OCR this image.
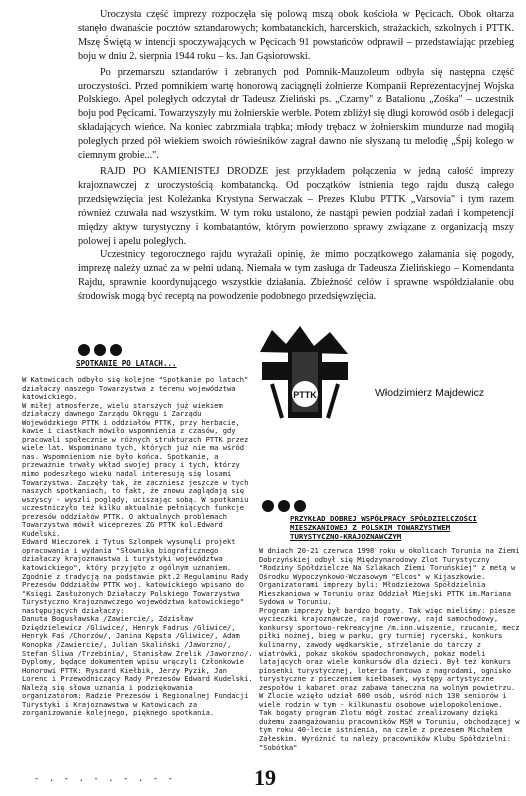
Uroczysta część imprezy rozpoczęła się polową mszą obok kościoła w Pęcicach. Obok ołtarza stanęło dwanaście pocztów sztandarowych; kombatanckich, harcerskich, strażackich, szkolnych i PTTK. Mszę Świętą w intencji spoczywających w Pęcicach 91 powstańców odprawił – przedstawiając przebieg boju w dniu 2. sierpnia 1944 roku – ks. Jan Gąsiorowski.

Po przemarszu sztandarów i zebranych pod Pomnik-Mauzoleum odbyła się następna część uroczystości. Przed pomnikiem wartę honorową zaciągnęli żołnierze Kompanii Reprezentacyjnej Wojska Polskiego. Apel poległych odczytał dr Tadeusz Zieliński ps. „Czarny" z Batalionu „Zośka" – uczestnik boju pod Pęcicami. Towarzyszyły mu żołnierskie werble. Potem zbliżył się długi korowód osób i delegacji składających wieńce. Na koniec zabrzmiała trąbka; młody trębacz w żołnierskim mundurze nad mogiłą poległych przed pół wiekiem swoich rówieśników zagrał dawno nie słyszaną tu melodię „Śpij kolego w ciemnym grobie...".

RAJD PO KAMIENISTEJ DRODZE jest przykładem połączenia w jedną całość imprezy krajoznawczej z uroczystością kombatancką. Od początków istnienia tego rajdu duszą całego przedsięwzięcia jest Koleżanka Krystyna Serwaczak – Prezes Klubu PTTK „Varsovia" i tym razem również czuwała nad wszystkim. W tym roku ustalono, że nastąpi pewien podział zadań i kompetencji między aktyw turystyczny i kombatantów, którym powierzono sprawy związane z organizacją mszy polowej i apelu poległych.

Uczestnicy tegorocznego rajdu wyrażali opinię, że mimo początkowego załamania się pogody, imprezę należy uznać za w pełni udaną. Niemała w tym zasługa dr Tadeusza Zielińskiego – Komendanta Rajdu, sprawnie koordynującego wszystkie działania. Zbieżność celów i sprawne współdziałanie obu środowisk mogą być receptą na powodzenie podobnego przedsięwzięcia.

Włodzimierz Majdewicz
PTTK
SPOTKANIE PO LATACH...
W Katowicach odbyło się kolejne "Spotkanie po latach" działaczy naszego Towarzystwa z terenu województwa katowickiego.
W miłej atmosferze, wielu starszych już wiekiem działaczy dawnego Zarządu Okręgu i Zarządu Wojewódzkiego PTTK i oddziałów PTTK, przy herbacie, kawie i ciastkach mówiło wspomnienia z czasów, gdy pracowali społecznie w różnych strukturach PTTK przez wiele lat. Wspominano tych, których już nie ma wśród nas. Wspomnieniom nie było końca. Spotkanie, a przeważnie trwały wkład swojej pracy i tych, którzy mimo podeszłego wieku nadal interesują się losami Towarzystwa. Zaczęły tak, że zaczniesz jeszcze w tych naszych spotkaniach, to fakt, że znowu zaglądają się wszyscy - wyszli poglądy, uciszając sobą. W spotkaniu uczestniczyło też kilku aktualnie pełniących funkcje prezesów oddziałów PTTK. O aktualnych problemach Towarzystwa mówił wiceprezes ZG PTTK kol.Edward Kudelski.
Edward Wieczorek i Tytus Szlompek wysunęli projekt opracowania i wydania "Słownika biograficznego działaczy krajoznawstwa i turystyki województwa katowickiego", który przyjęto z ogólnym uznaniem.
Zgodnie z tradycją na podstawie pkt.2 Regulaminu Rady Prezesów Oddziałów PTTK woj. katowickiego wpisano do "Księgi Zasłużonych Działaczy Polskiego Towarzystwa Turystyczno Krajoznawczego województwa katowickiego" następujących działaczy:
Danuta Bogusławska /Zawiercie/, Zdzisław Dziędzielewicz /Gliwice/, Henryk Fadrus /Gliwice/, Henryk Faś /Chorzów/, Janina Kępsta /Gliwice/, Adam Konopka /Zawiercie/, Julian Skaliński /Jaworzno/, Stefan Śliwa /Trzebinia/, Stanisław Zrelik /Jaworzno/.
Dyplomy, będące dokumentem wpisu wręczyli Członkowie Honorowi PTTK: Ryszard Kiełbik, Jerzy Pyzik, Jan Lorenc i Przewodniczący Rady Prezesów Edward Kudelski.
Należą się słowa uznania i podziękowania organizatorom: Radzie Prezesów i Regionalnej Fundacji Turystyki i Krajoznawstwa w Katowicach za zorganizowanie kolejnego, pięknego spotkania.
PRZYKŁAD DOBREJ WSPÓŁPRACY SPÓŁDZIELCZOŚCI MIESZKANIOWEJ Z POLSKIM TOWARZYSTWEM TURYSTYCZNO-KRAJOZNAWCZYM
W dniach 20-21 czerwca 1998 roku w okolicach Torunia na Ziemi Dobrzyńskiej odbył się Międzynarodowy Zlot Turystyczny "Rodziny Spółdzielcze Na Szlakach Ziemi Toruńskiej" z metą w Ośrodku Wypoczynkowo-Wczasowym "Elcos" w Kijaszkowie. Organizatorami imprezy byli: Młodzieżowa Spółdzielnia Mieszkaniowa w Toruniu oraz Oddział Miejski PTTK im.Mariana Sydowa w Toruniu.
Program imprezy był bardzo bogaty. Tak więc mieliśmy: piesze wycieczki krajoznawcze, rajd rowerowy, rajd samochodowy, konkursy sportowo-rekreacyjne /m.inn.wiszenie, rzucanie, mecz piłki nożnej, bieg w parku, gry turniej rycerski, konkurs kulinarny, zawody wędkarskie, strzelanie do tarczy z wiatrówki, pokaz skoków spadochronowych, pokaz modeli latających oraz wiele konkursów dla dzieci. Był też konkurs piosenki turystycznej, loteria fantowa z nagrodami, ognisko turystyczne z pieczeniem kiełbasek, występy artystyczne zespołów i kabaret oraz zabawa taneczna na wolnym powietrzu.
W Zlocie wzięło udział 600 osób, wśród nich 130 seniorów i wiele rodzin w tym - kilkunastu osobowe wielopokoleniowe.
Tak bogaty program Zlotu mógł zostać zrealizowany dzięki dużemu zaangażowaniu pracowników MSM w Toruniu, obchodzącej w tym roku 40-lecie istnienia, na czele z prezesem Michałem Załeskim. Wyróżnić tu należy pracowników Klubu Spółdzielni: "Sobótka"
- . - . - . - . - -	19
